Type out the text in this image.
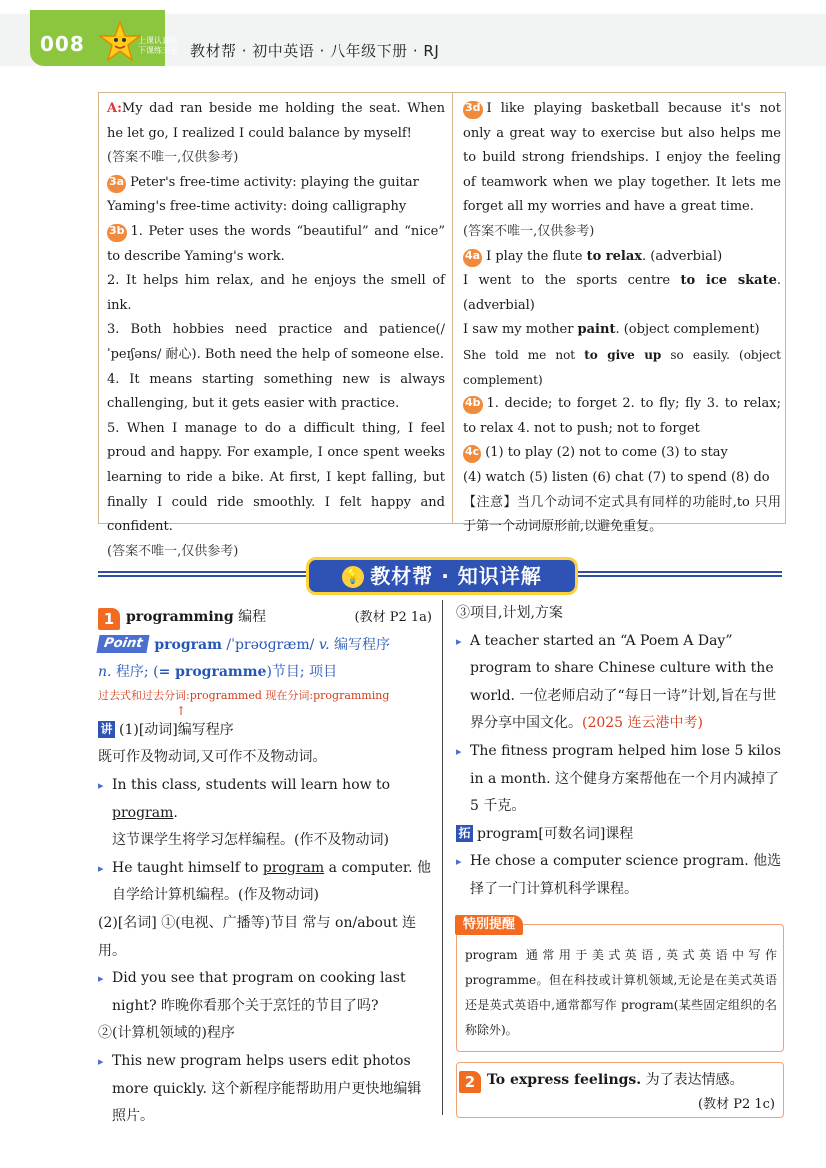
008	上课认真听
下课练天星 教材帮 · 初中英语 · 八年级下册 · RJ

A:My dad ran beside me holding the seat. When he let go, I realized I could balance by myself!

(答案不唯一,仅供参考)

3a Peter's free-time activity: playing the guitar

Yaming's free-time activity: doing calligraphy

3b 1. Peter uses the words “beautiful” and “nice” to describe Yaming's work.

2. It helps him relax, and he enjoys the smell of ink.

3. Both hobbies need practice and patience(/ˈpeɪʃəns/ 耐心). Both need the help of someone else.

4. It means starting something new is always challenging, but it gets easier with practice.

5. When I manage to do a difficult thing, I feel proud and happy. For example, I once spent weeks learning to ride a bike. At first, I kept falling, but finally I could ride smoothly. I felt happy and confident.

(答案不唯一,仅供参考)

3d I like playing basketball because it's not only a great way to exercise but also helps me to build strong friendships. I enjoy the feeling of teamwork when we play together. It lets me forget all my worries and have a great time.

(答案不唯一,仅供参考)

4a I play the flute to relax. (adverbial)

I went to the sports centre to ice skate. (adverbial)

I saw my mother paint. (object complement)

She told me not to give up so easily. (object complement)

4b 1. decide; to forget 2. to fly; fly 3. to relax; to relax 4. not to push; not to forget

4c (1) to play (2) not to come (3) to stay

(4) watch (5) listen (6) chat (7) to spend (8) do

【注意】当几个动词不定式具有同样的功能时,to 只用于第一个动词原形前,以避免重复。

💡 教材帮 · 知识详解
1 programming 编程	(教材 P2 1a)
Point program /ˈprəʊɡræm/ v. 编写程序
n. 程序; (= programme)节目; 项目
过去式和过去分词:programmed 现在分词:programming
↑
讲 (1)[动词]编写程序
既可作及物动词,又可作不及物动词。
▸ In this class, students will learn how to program.
这节课学生将学习怎样编程。(作不及物动词)
▸ He taught himself to program a computer. 他自学给计算机编程。(作及物动词)
(2)[名词] ①(电视、广播等)节目 常与 on/about 连用。
▸ Did you see that program on cooking last night? 昨晚你看那个关于烹饪的节目了吗?
②(计算机领域的)程序
▸ This new program helps users edit photos more quickly. 这个新程序能帮助用户更快地编辑照片。
③项目,计划,方案
▸ A teacher started an “A Poem A Day” program to share Chinese culture with the world. 一位老师启动了“每日一诗”计划,旨在与世界分享中国文化。(2025 连云港中考)
▸ The fitness program helped him lose 5 kilos in a month. 这个健身方案帮他在一个月内减掉了 5 千克。
拓 program[可数名词]课程
▸ He chose a computer science program. 他选择了一门计算机科学课程。
特别提醒
program 通常用于美式英语,英式英语中写作 programme。但在科技或计算机领域,无论是在美式英语还是英式英语中,通常都写作 program(某些固定组织的名称除外)。
2 To express feelings. 为了表达情感。
(教材 P2 1c)
